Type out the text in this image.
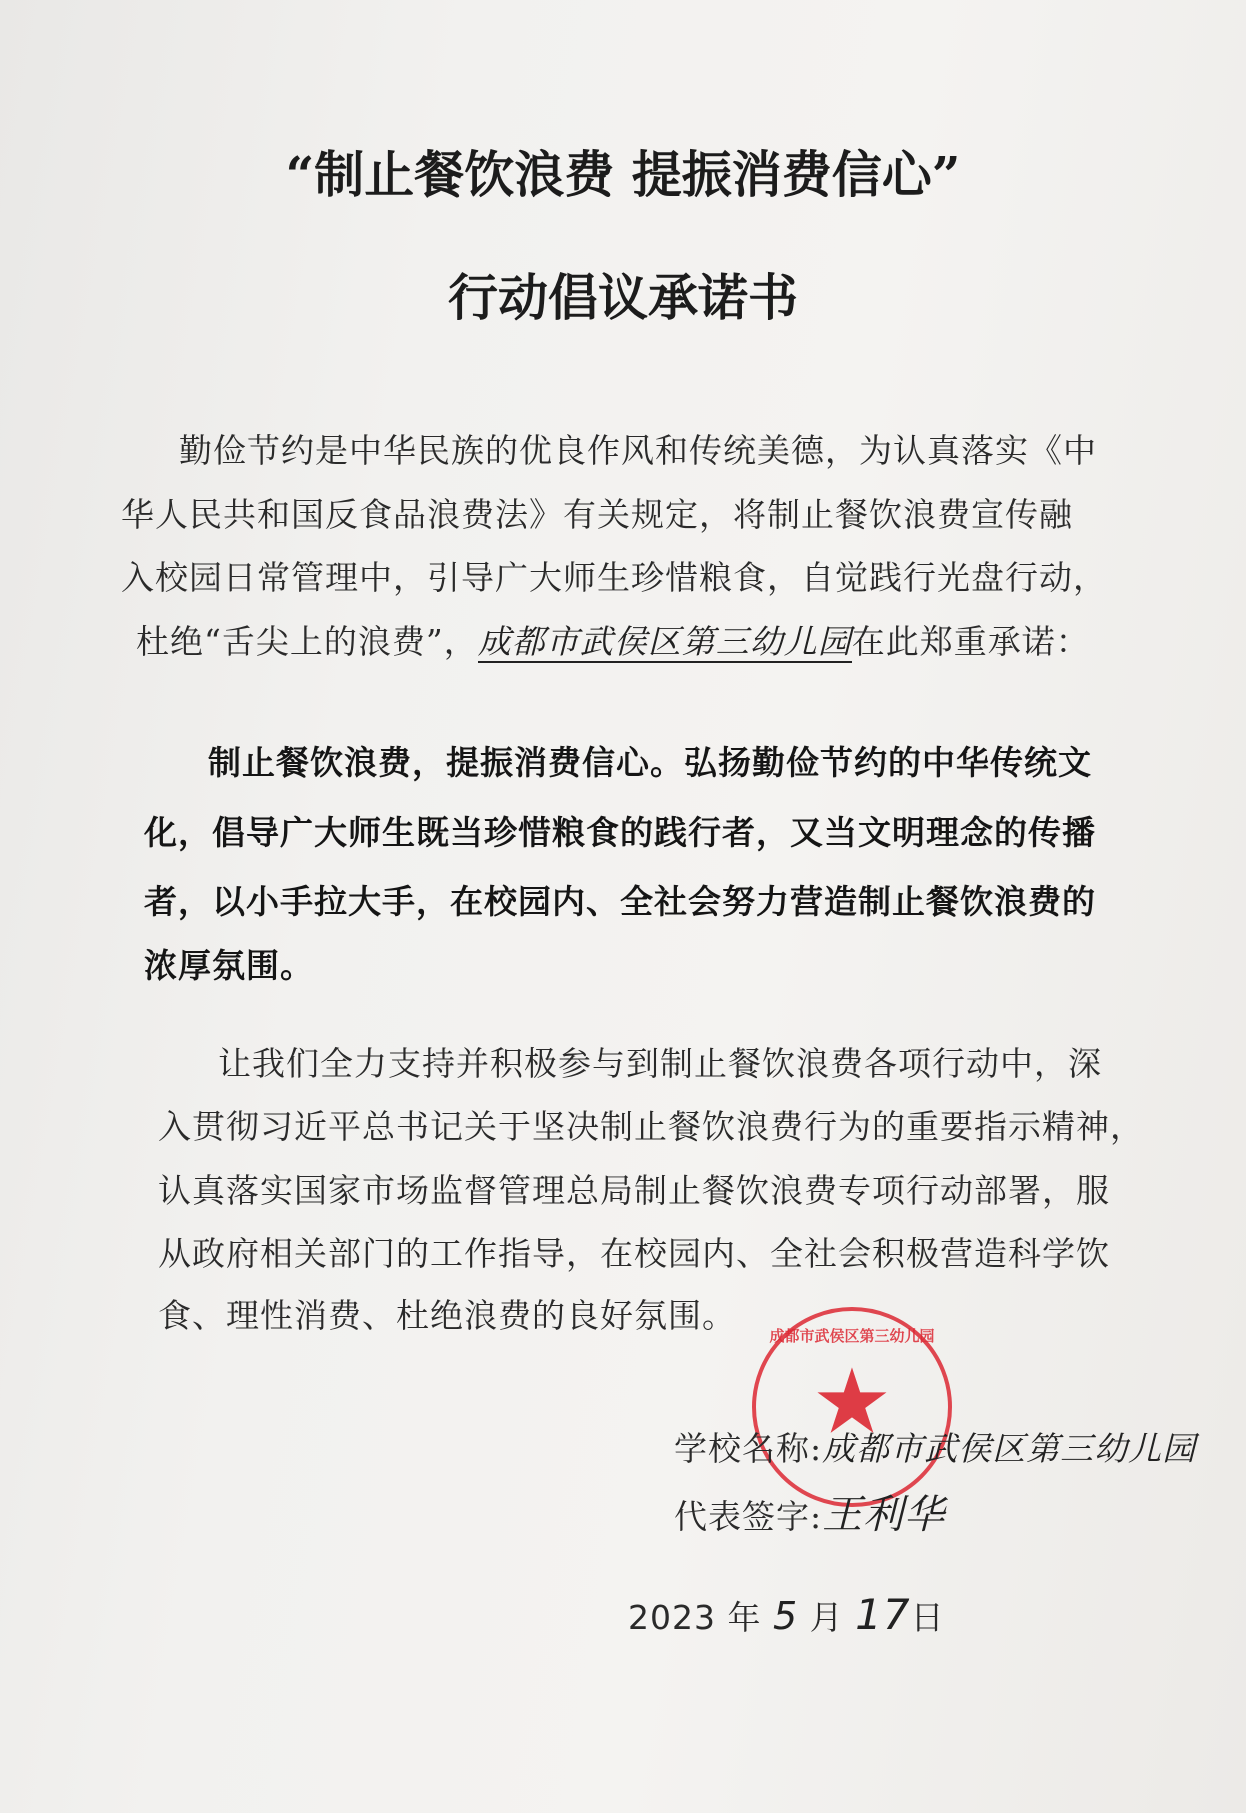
“制止餐饮浪费 提振消费信心”
行动倡议承诺书
勤俭节约是中华民族的优良作风和传统美德，为认真落实《中
华人民共和国反食品浪费法》有关规定，将制止餐饮浪费宣传融
入校园日常管理中，引导广大师生珍惜粮食，自觉践行光盘行动，
杜绝“舌尖上的浪费”，成都市武侯区第三幼儿园在此郑重承诺：
制止餐饮浪费，提振消费信心。弘扬勤俭节约的中华传统文
化，倡导广大师生既当珍惜粮食的践行者，又当文明理念的传播
者，以小手拉大手，在校园内、全社会努力营造制止餐饮浪费的
浓厚氛围。
让我们全力支持并积极参与到制止餐饮浪费各项行动中，深
入贯彻习近平总书记关于坚决制止餐饮浪费行为的重要指示精神，
认真落实国家市场监督管理总局制止餐饮浪费专项行动部署，服
从政府相关部门的工作指导，在校园内、全社会积极营造科学饮
食、理性消费、杜绝浪费的良好氛围。
成都市武侯区第三幼儿园
★
学校名称:成都市武侯区第三幼儿园
代表签字:王利华
2023 年 5 月 17日
